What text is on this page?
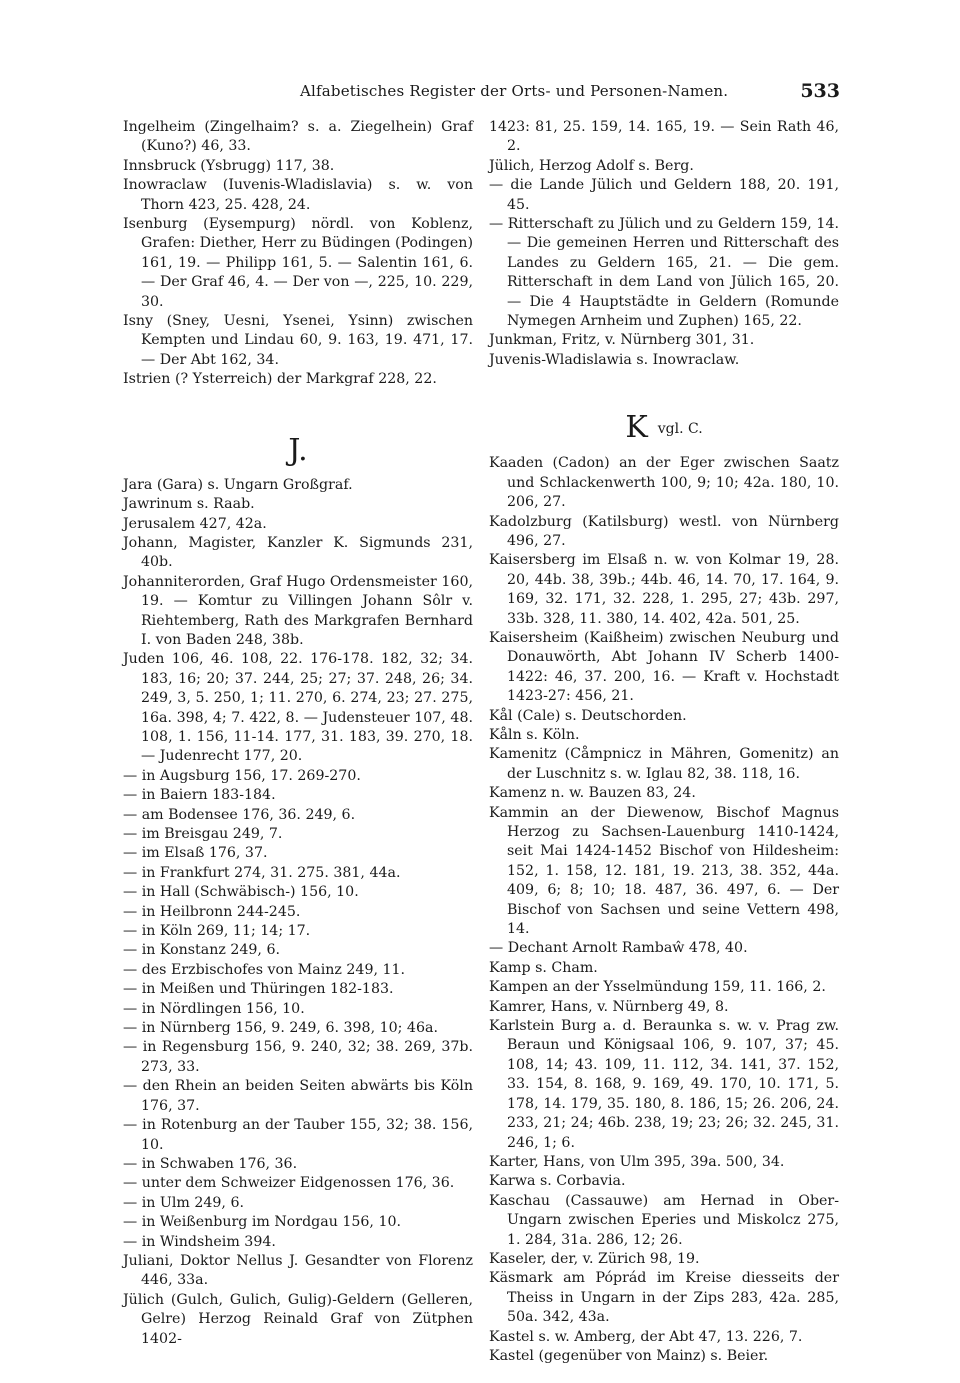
Alfabetisches Register der Orts- und Personen-Namen.	533
Ingelheim (Zingelhaim? s. a. Ziegelhein) Graf (Kuno?) 46, 33.
Innsbruck (Ysbrugg) 117, 38.
Inowraclaw (Iuvenis-Wladislavia) s. w. von Thorn 423, 25. 428, 24.
Isenburg (Eysempurg) nördl. von Koblenz, Grafen: Diether, Herr zu Büdingen (Podingen) 161, 19. — Philipp 161, 5. — Salentin 161, 6. — Der Graf 46, 4. — Der von —, 225, 10. 229, 30.
Isny (Sney, Uesni, Ysenei, Ysinn) zwischen Kempten und Lindau 60, 9. 163, 19. 471, 17. — Der Abt 162, 34.
Istrien (? Ysterreich) der Markgraf 228, 22.
J.
Jara (Gara) s. Ungarn Großgraf.
Jawrinum s. Raab.
Jerusalem 427, 42a.
Johann, Magister, Kanzler K. Sigmunds 231, 40b.
Johanniterorden, Graf Hugo Ordensmeister 160, 19. — Komtur zu Villingen Johann Sôlr v. Riehtemberg, Rath des Markgrafen Bernhard I. von Baden 248, 38b.
Juden 106, 46. 108, 22. 176-178. 182, 32; 34. 183, 16; 20; 37. 244, 25; 27; 37. 248, 26; 34. 249, 3, 5. 250, 1; 11. 270, 6. 274, 23; 27. 275, 16a. 398, 4; 7. 422, 8. — Judensteuer 107, 48. 108, 1. 156, 11-14. 177, 31. 183, 39. 270, 18. — Judenrecht 177, 20.
— in Augsburg 156, 17. 269-270.
— in Baiern 183-184.
— am Bodensee 176, 36. 249, 6.
— im Breisgau 249, 7.
— im Elsaß 176, 37.
— in Frankfurt 274, 31. 275. 381, 44a.
— in Hall (Schwäbisch-) 156, 10.
— in Heilbronn 244-245.
— in Köln 269, 11; 14; 17.
— in Konstanz 249, 6.
— des Erzbischofes von Mainz 249, 11.
— in Meißen und Thüringen 182-183.
— in Nördlingen 156, 10.
— in Nürnberg 156, 9. 249, 6. 398, 10; 46a.
— in Regensburg 156, 9. 240, 32; 38. 269, 37b. 273, 33.
— den Rhein an beiden Seiten abwärts bis Köln 176, 37.
— in Rotenburg an der Tauber 155, 32; 38. 156, 10.
— in Schwaben 176, 36.
— unter dem Schweizer Eidgenossen 176, 36.
— in Ulm 249, 6.
— in Weißenburg im Nordgau 156, 10.
— in Windsheim 394.
Juliani, Doktor Nellus J. Gesandter von Florenz 446, 33a.
Jülich (Gulch, Gulich, Gulig)-Geldern (Gelleren, Gelre) Herzog Reinald Graf von Zütphen 1402-
1423: 81, 25. 159, 14. 165, 19. — Sein Rath 46, 2.
Jülich, Herzog Adolf s. Berg.
— die Lande Jülich und Geldern 188, 20. 191, 45.
— Ritterschaft zu Jülich und zu Geldern 159, 14. — Die gemeinen Herren und Ritterschaft des Landes zu Geldern 165, 21. — Die gem. Ritterschaft in dem Land von Jülich 165, 20. — Die 4 Hauptstädte in Geldern (Romunde Nymegen Arnheim und Zuphen) 165, 22.
Junkman, Fritz, v. Nürnberg 301, 31.
Juvenis-Wladislawia s. Inowraclaw.
Kvgl. C.
Kaaden (Cadon) an der Eger zwischen Saatz und Schlackenwerth 100, 9; 10; 42a. 180, 10. 206, 27.
Kadolzburg (Katilsburg) westl. von Nürnberg 496, 27.
Kaisersberg im Elsaß n. w. von Kolmar 19, 28. 20, 44b. 38, 39b.; 44b. 46, 14. 70, 17. 164, 9. 169, 32. 171, 32. 228, 1. 295, 27; 43b. 297, 33b. 328, 11. 380, 14. 402, 42a. 501, 25.
Kaisersheim (Kaißheim) zwischen Neuburg und Donauwörth, Abt Johann IV Scherb 1400-1422: 46, 37. 200, 16. — Kraft v. Hochstadt 1423-27: 456, 21.
Kål (Cale) s. Deutschorden.
Kåln s. Köln.
Kamenitz (Cåmpnicz in Mähren, Gomenitz) an der Luschnitz s. w. Iglau 82, 38. 118, 16.
Kamenz n. w. Bauzen 83, 24.
Kammin an der Diewenow, Bischof Magnus Herzog zu Sachsen-Lauenburg 1410-1424, seit Mai 1424-1452 Bischof von Hildesheim: 152, 1. 158, 12. 181, 19. 213, 38. 352, 44a. 409, 6; 8; 10; 18. 487, 36. 497, 6. — Der Bischof von Sachsen und seine Vettern 498, 14.
— Dechant Arnolt Rambaŵ 478, 40.
Kamp s. Cham.
Kampen an der Ysselmündung 159, 11. 166, 2.
Kamrer, Hans, v. Nürnberg 49, 8.
Karlstein Burg a. d. Beraunka s. w. v. Prag zw. Beraun und Königsaal 106, 9. 107, 37; 45. 108, 14; 43. 109, 11. 112, 34. 141, 37. 152, 33. 154, 8. 168, 9. 169, 49. 170, 10. 171, 5. 178, 14. 179, 35. 180, 8. 186, 15; 26. 206, 24. 233, 21; 24; 46b. 238, 19; 23; 26; 32. 245, 31. 246, 1; 6.
Karter, Hans, von Ulm 395, 39a. 500, 34.
Karwa s. Corbavia.
Kaschau (Cassauwe) am Hernad in Ober-Ungarn zwischen Eperies und Miskolcz 275, 1. 284, 31a. 286, 12; 26.
Kaseler, der, v. Zürich 98, 19.
Käsmark am Póprád im Kreise diesseits der Theiss in Ungarn in der Zips 283, 42a. 285, 50a. 342, 43a.
Kastel s. w. Amberg, der Abt 47, 13. 226, 7.
Kastel (gegenüber von Mainz) s. Beier.
